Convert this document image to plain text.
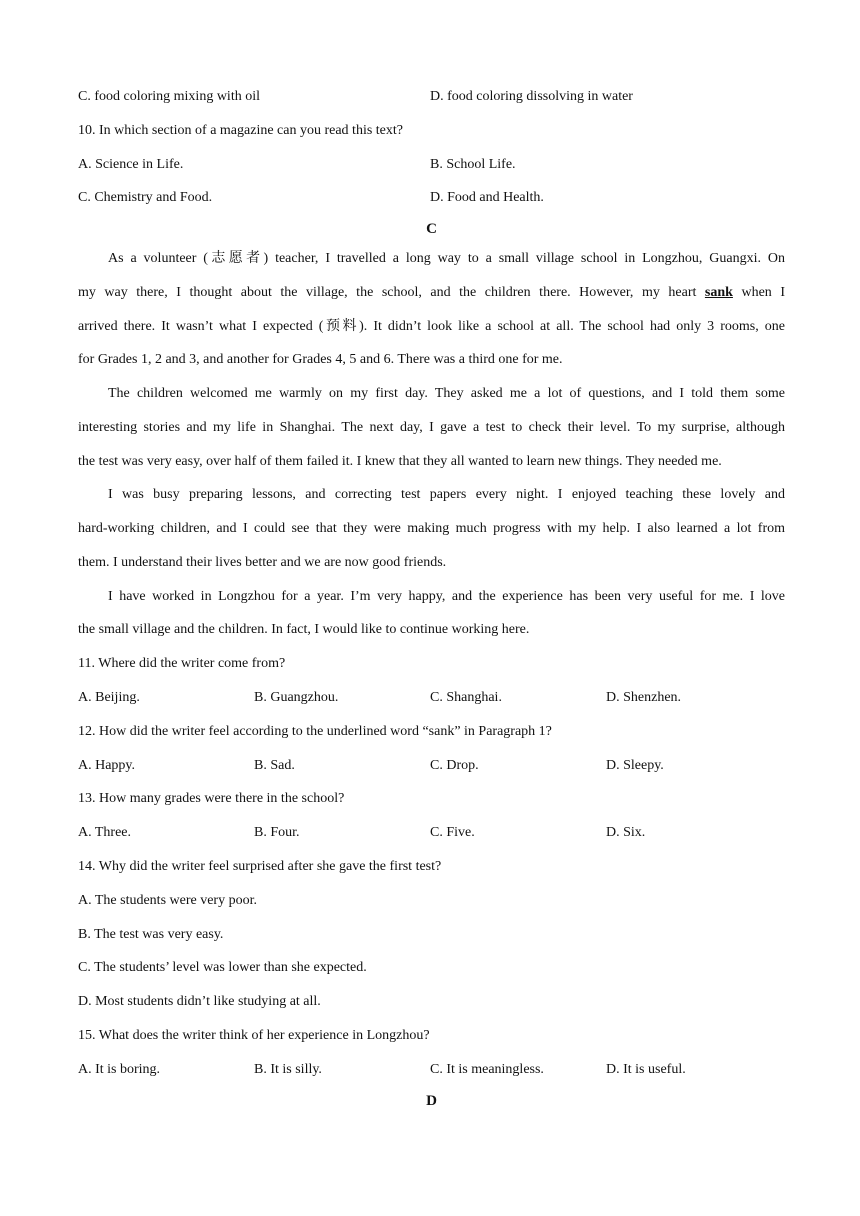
C. food coloring mixing with oil	D. food coloring dissolving in water
10. In which section of a magazine can you read this text?
A. Science in Life.	B. School Life.
C. Chemistry and Food.	D. Food and Health.
C
As a volunteer (志愿者) teacher, I travelled a long way to a small village school in Longzhou, Guangxi. On
my way there, I thought about the village, the school, and the children there. However, my heart sank when I
arrived there. It wasn’t what I expected (预料). It didn’t look like a school at all. The school had only 3 rooms, one
for Grades 1, 2 and 3, and another for Grades 4, 5 and 6. There was a third one for me.
The children welcomed me warmly on my first day. They asked me a lot of questions, and I told them some
interesting stories and my life in Shanghai. The next day, I gave a test to check their level. To my surprise, although
the test was very easy, over half of them failed it. I knew that they all wanted to learn new things. They needed me.
I was busy preparing lessons, and correcting test papers every night. I enjoyed teaching these lovely and
hard-working children, and I could see that they were making much progress with my help. I also learned a lot from
them. I understand their lives better and we are now good friends.
I have worked in Longzhou for a year. I’m very happy, and the experience has been very useful for me. I love
the small village and the children. In fact, I would like to continue working here.
11. Where did the writer come from?
A. Beijing.	B. Guangzhou.	C. Shanghai.	D. Shenzhen.
12. How did the writer feel according to the underlined word “sank” in Paragraph 1?
A. Happy.	B. Sad.	C. Drop.	D. Sleepy.
13. How many grades were there in the school?
A. Three.	B. Four.	C. Five.	D. Six.
14. Why did the writer feel surprised after she gave the first test?
A. The students were very poor.
B. The test was very easy.
C. The students’ level was lower than she expected.
D. Most students didn’t like studying at all.
15. What does the writer think of her experience in Longzhou?
A. It is boring.	B. It is silly.	C. It is meaningless.	D. It is useful.
D
